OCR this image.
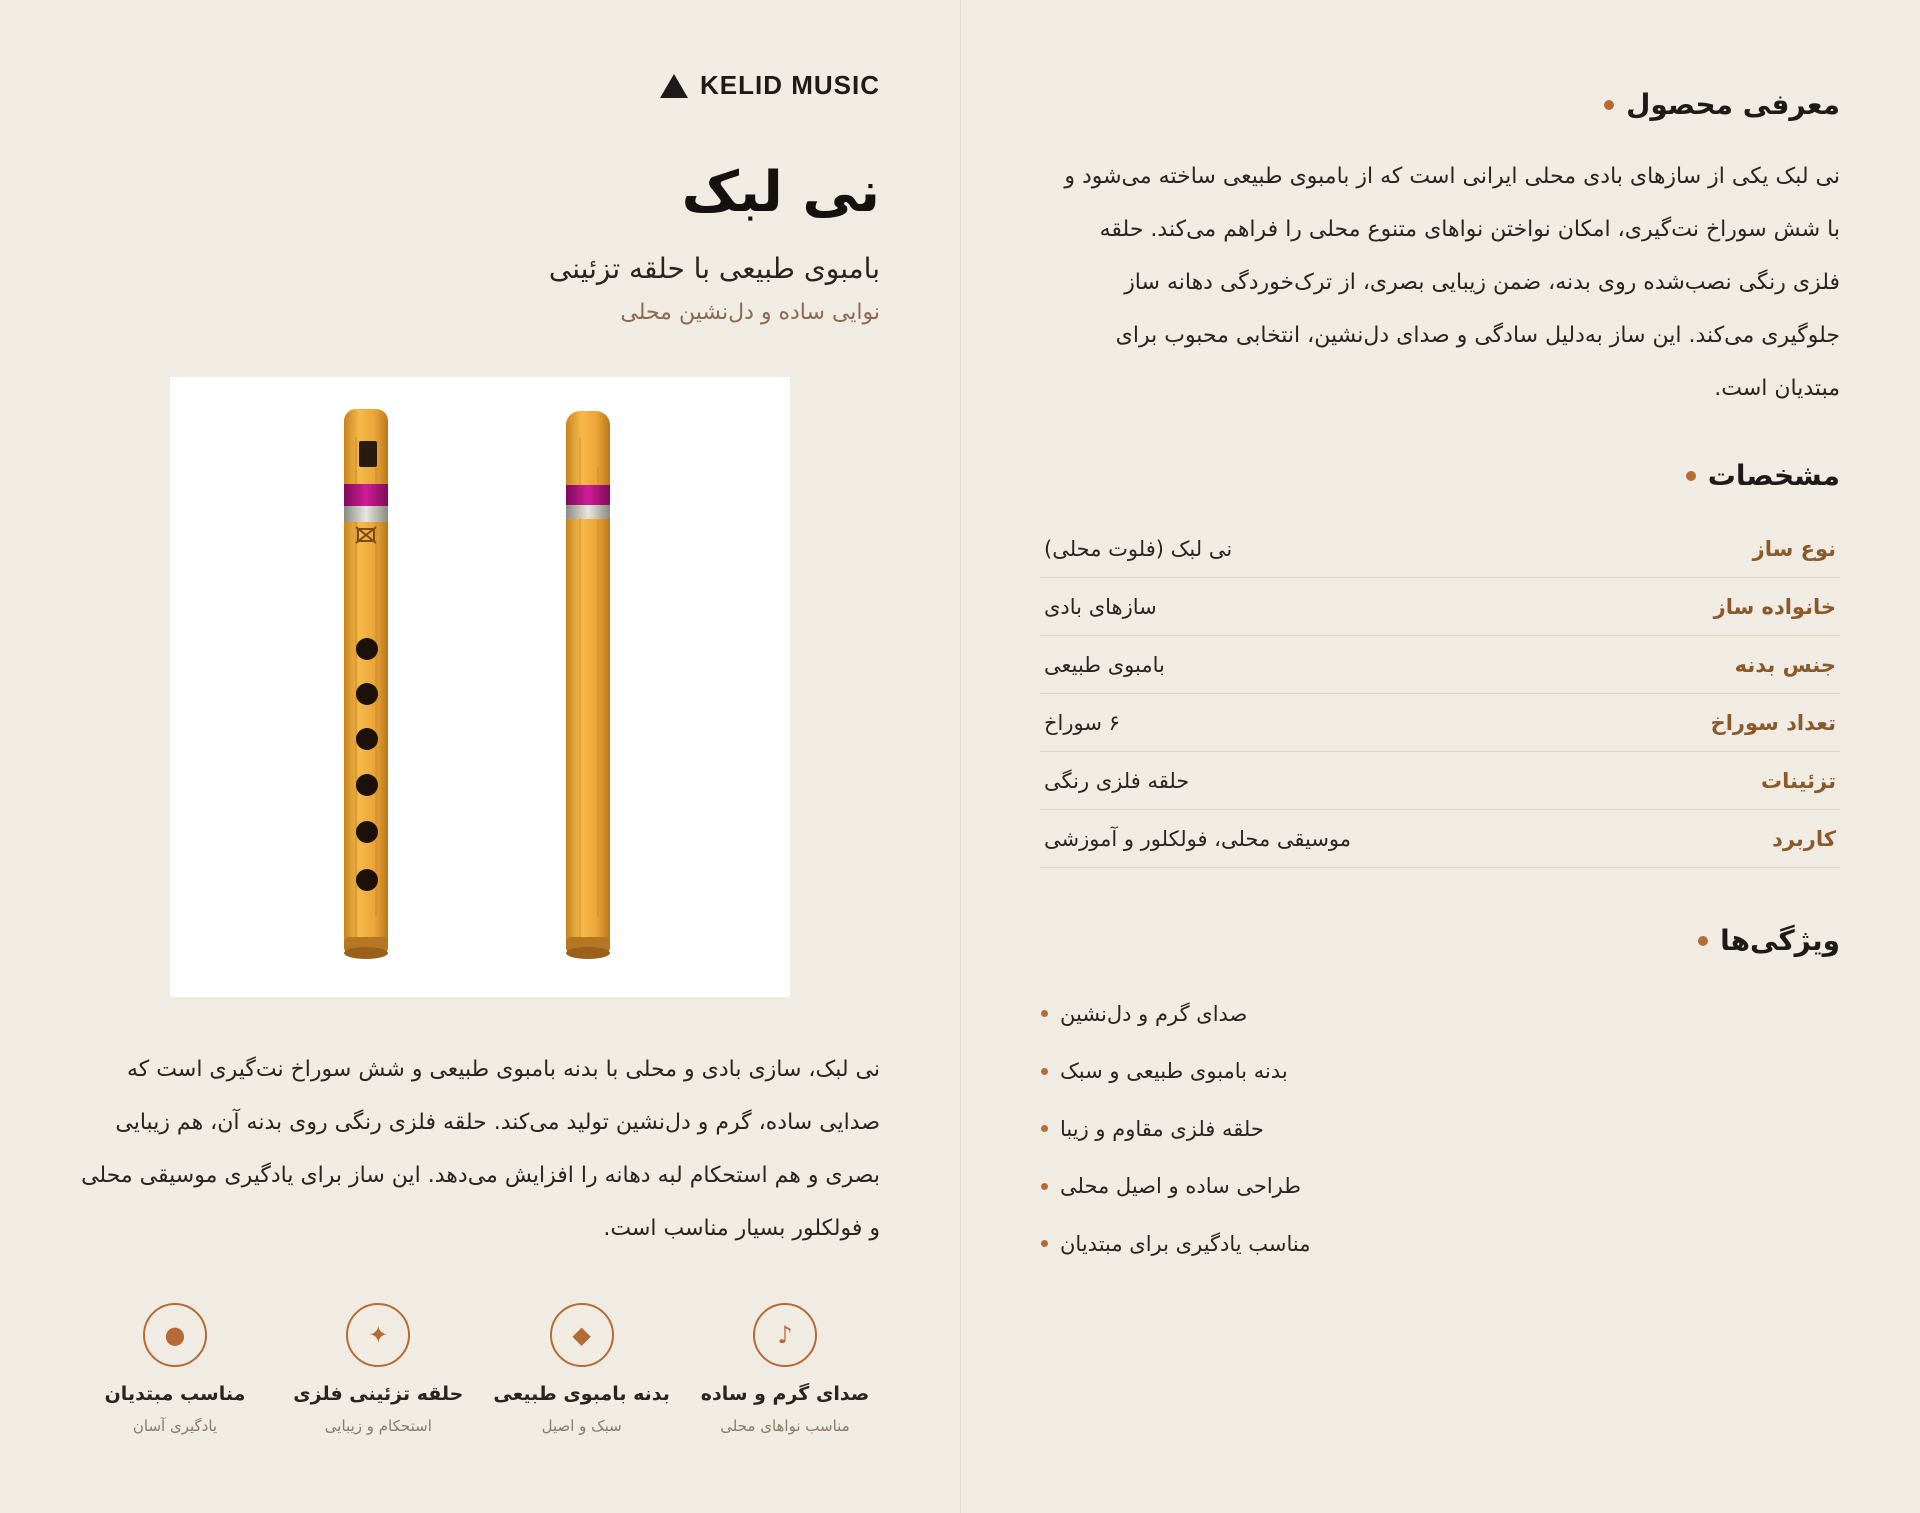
KELID MUSIC
نی لبک
بامبوی طبیعی با حلقه تزئینی
نوایی ساده و دل‌نشین محلی
نی لبک، سازی بادی و محلی با بدنه بامبوی طبیعی و شش سوراخ نت‌گیری است که صدایی ساده، گرم و دل‌نشین تولید می‌کند. حلقه فلزی رنگی روی بدنه آن، هم زیبایی بصری و هم استحکام لبه دهانه را افزایش می‌دهد. این ساز برای یادگیری موسیقی محلی و فولکلور بسیار مناسب است.
♪
صدای گرم و ساده
مناسب نواهای محلی
◆
بدنه بامبوی طبیعی
سبک و اصیل
✦
حلقه تزئینی فلزی
استحکام و زیبایی
●
مناسب مبتدیان
یادگیری آسان
معرفی محصول
نی لبک یکی از سازهای بادی محلی ایرانی است که از بامبوی طبیعی ساخته می‌شود و با شش سوراخ نت‌گیری، امکان نواختن نواهای متنوع محلی را فراهم می‌کند. حلقه فلزی رنگی نصب‌شده روی بدنه، ضمن زیبایی بصری، از ترک‌خوردگی دهانه ساز جلوگیری می‌کند. این ساز به‌دلیل سادگی و صدای دل‌نشین، انتخابی محبوب برای مبتدیان است.
مشخصات
نوع ساز	نی لبک (فلوت محلی)
خانواده ساز	سازهای بادی
جنس بدنه	بامبوی طبیعی
تعداد سوراخ	۶ سوراخ
تزئینات	حلقه فلزی رنگی
کاربرد	موسیقی محلی، فولکلور و آموزشی
ویژگی‌ها
صدای گرم و دل‌نشین
بدنه بامبوی طبیعی و سبک
حلقه فلزی مقاوم و زیبا
طراحی ساده و اصیل محلی
مناسب یادگیری برای مبتدیان
